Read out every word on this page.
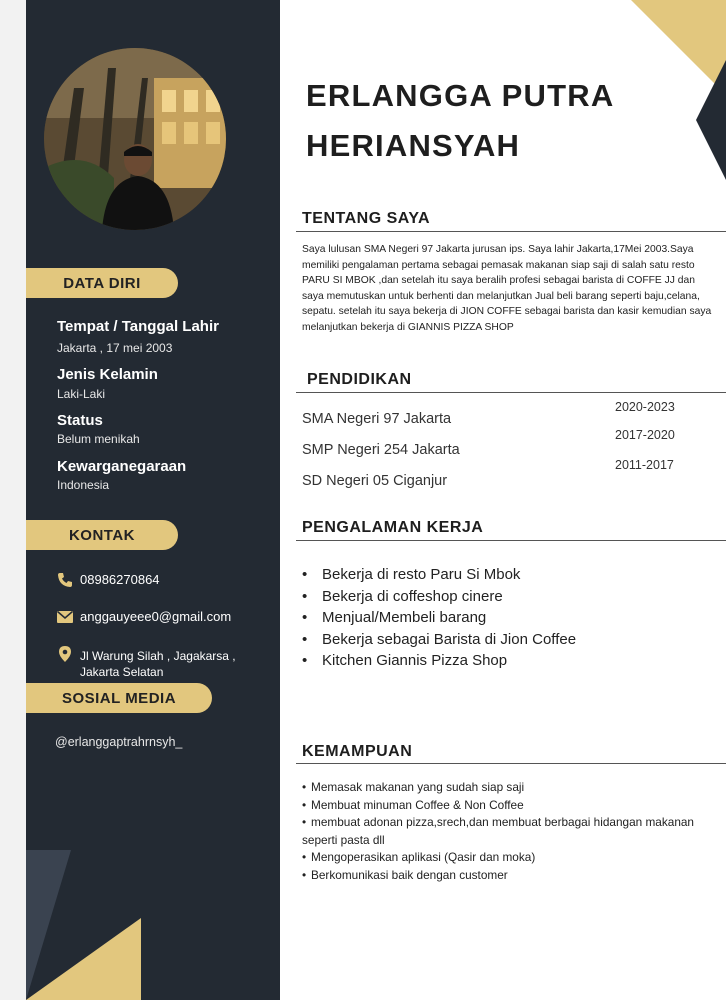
DATA DIRI
Tempat / Tanggal Lahir
Jakarta , 17 mei 2003
Jenis Kelamin
Laki-Laki
Status
Belum menikah
Kewarganegaraan
Indonesia
KONTAK
08986270864
anggauyeee0@gmail.com
Jl Warung Silah , Jagakarsa ,
Jakarta Selatan
SOSIAL MEDIA
@erlanggaptrahrnsyh_
ERLANGGA PUTRA
HERIANSYAH
TENTANG SAYA
Saya lulusan SMA Negeri 97 Jakarta jurusan ips. Saya lahir Jakarta,17Mei 2003.Saya memiliki pengalaman pertama sebagai pemasak makanan siap saji di salah satu resto PARU SI MBOK ,dan setelah itu saya beralih profesi sebagai barista di COFFE JJ dan saya memutuskan untuk berhenti dan melanjutkan Jual beli barang seperti baju,celana, sepatu. setelah itu saya bekerja di JION COFFE sebagai barista dan kasir kemudian saya melanjutkan bekerja di GIANNIS PIZZA SHOP
PENDIDIKAN
SMA Negeri 97 Jakarta
SMP Negeri 254 Jakarta
SD Negeri 05 Ciganjur
2020-2023
2017-2020
2011-2017
PENGALAMAN KERJA
• Bekerja di resto Paru Si Mbok
• Bekerja di coffeshop cinere
• Menjual/Membeli barang
• Bekerja sebagai Barista di Jion Coffee
• Kitchen Giannis Pizza Shop
KEMAMPUAN
• Memasak makanan yang sudah siap saji
• Membuat minuman Coffee & Non Coffee
• membuat adonan pizza,srech,dan membuat berbagai hidangan makanan seperti pasta dll
• Mengoperasikan aplikasi (Qasir dan moka)
• Berkomunikasi baik dengan customer
